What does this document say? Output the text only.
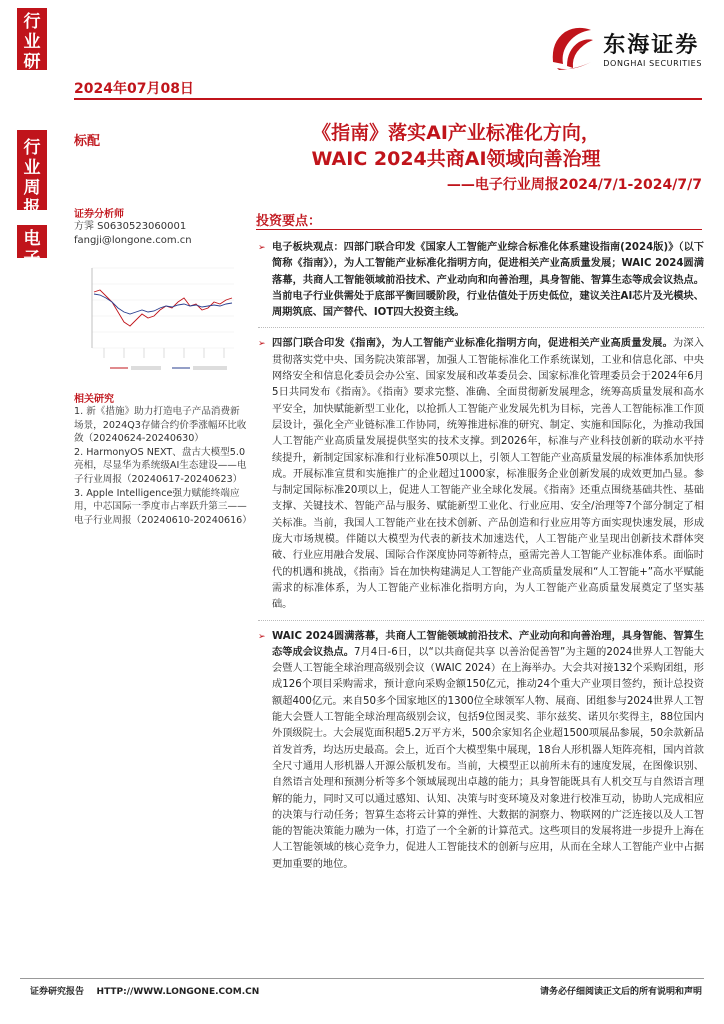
行
业
研
究
行
业
周
报
电
子
2024年07月08日
东海证券
DONGHAI SECURITIES
标配	《指南》落实AI产业标准化方向，
WAIC 2024共商AI领域向善治理
——电子行业周报2024/7/1-2024/7/7
证券分析师
方霁 S0630523060001
fangji@longone.com.cn
相关研究

1. 新《措施》助力打造电子产品消费新场景，2024Q3存储合约价季涨幅环比收敛（20240624-20240630）

2. HarmonyOS NEXT、盘古大模型5.0亮相，尽显华为系统级AI生态建设——电子行业周报（20240617-20240623）

3. Apple Intelligence强力赋能终端应用，中芯国际一季度市占率跃升第三——电子行业周报（20240610-20240616）

投资要点：
➢ 电子板块观点：四部门联合印发《国家人工智能产业综合标准化体系建设指南(2024版)》（以下简称《指南》），为人工智能产业标准化指明方向，促进相关产业高质量发展；WAIC 2024圆满落幕，共商人工智能领域前沿技术、产业动向和向善治理，具身智能、智算生态等成会议热点。当前电子行业供需处于底部平衡回暖阶段，行业估值处于历史低位，建议关注AI芯片及光模块、周期筑底、国产替代、IOT四大投资主线。
➢ 四部门联合印发《指南》，为人工智能产业标准化指明方向，促进相关产业高质量发展。为深入贯彻落实党中央、国务院决策部署，加强人工智能标准化工作系统谋划，工业和信息化部、中央网络安全和信息化委员会办公室、国家发展和改革委员会、国家标准化管理委员会于2024年6月5日共同发布《指南》。《指南》要求完整、准确、全面贯彻新发展理念，统筹高质量发展和高水平安全，加快赋能新型工业化，以抢抓人工智能产业发展先机为目标，完善人工智能标准工作顶层设计，强化全产业链标准工作协同，统筹推进标准的研究、制定、实施和国际化，为推动我国人工智能产业高质量发展提供坚实的技术支撑。到2026年，标准与产业科技创新的联动水平持续提升，新制定国家标准和行业标准50项以上，引领人工智能产业高质量发展的标准体系加快形成。开展标准宣贯和实施推广的企业超过1000家，标准服务企业创新发展的成效更加凸显。参与制定国际标准20项以上，促进人工智能产业全球化发展。《指南》还重点围绕基础共性、基础支撑、关键技术、智能产品与服务、赋能新型工业化、行业应用、安全/治理等7个部分制定了相关标准。当前，我国人工智能产业在技术创新、产品创造和行业应用等方面实现快速发展，形成庞大市场规模。伴随以大模型为代表的新技术加速迭代，人工智能产业呈现出创新技术群体突破、行业应用融合发展、国际合作深度协同等新特点，亟需完善人工智能产业标准体系。面临时代的机遇和挑战，《指南》旨在加快构建满足人工智能产业高质量发展和“人工智能+”高水平赋能需求的标准体系，为人工智能产业标准化指明方向，为人工智能产业高质量发展奠定了坚实基础。
➢ WAIC 2024圆满落幕，共商人工智能领域前沿技术、产业动向和向善治理，具身智能、智算生态等成会议热点。7月4日-6日，以“以共商促共享 以善治促善智”为主题的2024世界人工智能大会暨人工智能全球治理高级别会议（WAIC 2024）在上海举办。大会共对接132个采购团组，形成126个项目采购需求，预计意向采购金额150亿元，推动24个重大产业项目签约，预计总投资额超400亿元。来自50多个国家地区的1300位全球领军人物、展商、团组参与2024世界人工智能大会暨人工智能全球治理高级别会议，包括9位图灵奖、菲尔兹奖、诺贝尔奖得主，88位国内外顶级院士。大会展览面积超5.2万平方米，500余家知名企业超1500项展品参展，50余款新品首发首秀，均达历史最高。会上，近百个大模型集中展现，18台人形机器人矩阵亮相，国内首款全尺寸通用人形机器人开源公版机发布。当前，大模型正以前所未有的速度发展，在图像识别、自然语言处理和预测分析等多个领域展现出卓越的能力；具身智能既具有人机交互与自然语言理解的能力，同时又可以通过感知、认知、决策与时变环境及对象进行校准互动，协助人完成相应的决策与行动任务；智算生态将云计算的弹性、大数据的洞察力、物联网的广泛连接以及人工智能的智能决策能力融为一体，打造了一个全新的计算范式。这些项目的发展将进一步提升上海在人工智能领域的核心竞争力，促进人工智能技术的创新与应用，从而在全球人工智能产业中占据更加重要的地位。
证券研究报告    HTTP://WWW.LONGONE.COM.CN	请务必仔细阅读正文后的所有说明和声明
